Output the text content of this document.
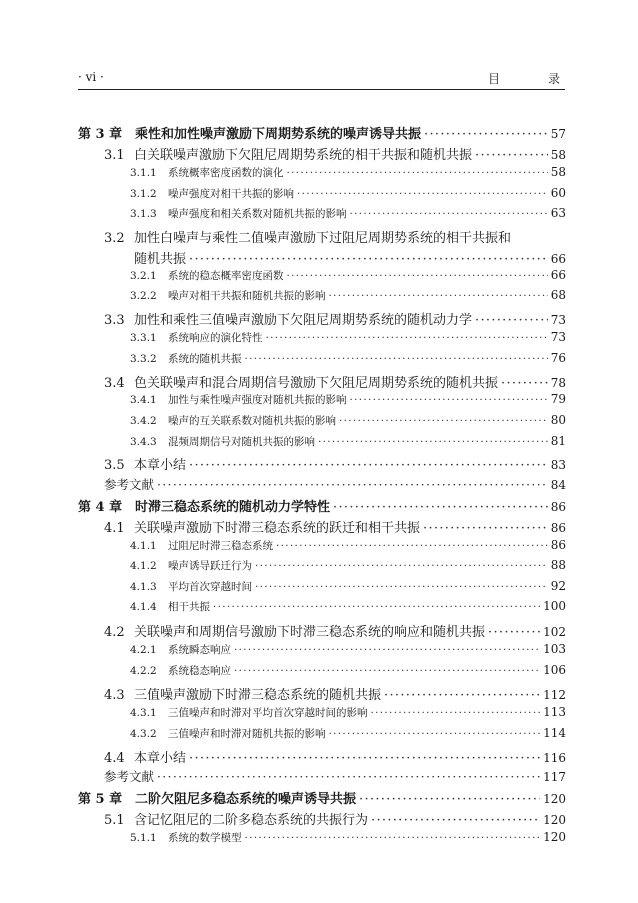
· vi ·	目　录
第 3 章 乘性和加性噪声激励下周期势系统的噪声诱导共振 ·····	57
3.1 白关联噪声激励下欠阻尼周期势系统的相干共振和随机共振 ·····	58
3.1.1	系统概率密度函数的演化 ·····	58
3.1.2	噪声强度对相干共振的影响 ·····	60
3.1.3	噪声强度和相关系数对随机共振的影响 ·····	63
3.2 加性白噪声与乘性二值噪声激励下过阻尼周期势系统的相干共振和
随机共振 ·····	66
3.2.1	系统的稳态概率密度函数 ·····	66
3.2.2	噪声对相干共振和随机共振的影响 ·····	68
3.3 加性和乘性三值噪声激励下欠阻尼周期势系统的随机动力学 ·····	73
3.3.1	系统响应的演化特性 ·····	73
3.3.2	系统的随机共振 ·····	76
3.4 色关联噪声和混合周期信号激励下欠阻尼周期势系统的随机共振 ·····	78
3.4.1	加性与乘性噪声强度对随机共振的影响 ·····	79
3.4.2	噪声的互关联系数对随机共振的影响 ·····	80
3.4.3	混频周期信号对随机共振的影响 ·····	81
3.5 本章小结 ·····	83
参考文献 ·····	84
第 4 章 时滞三稳态系统的随机动力学特性 ·····	86
4.1 关联噪声激励下时滞三稳态系统的跃迁和相干共振 ·····	86
4.1.1	过阻尼时滞三稳态系统 ·····	86
4.1.2	噪声诱导跃迁行为 ·····	88
4.1.3	平均首次穿越时间 ·····	92
4.1.4	相干共振 ·····	100
4.2 关联噪声和周期信号激励下时滞三稳态系统的响应和随机共振 ·····	102
4.2.1	系统瞬态响应 ·····	103
4.2.2	系统稳态响应 ·····	106
4.3 三值噪声激励下时滞三稳态系统的随机共振 ·····	112
4.3.1	三值噪声和时滞对平均首次穿越时间的影响 ·····	113
4.3.2	三值噪声和时滞对随机共振的影响 ·····	114
4.4 本章小结 ·····	116
参考文献 ·····	117
第 5 章 二阶欠阻尼多稳态系统的噪声诱导共振 ·····	120
5.1 含记忆阻尼的二阶多稳态系统的共振行为 ·····	120
5.1.1	系统的数学模型 ·····	120
